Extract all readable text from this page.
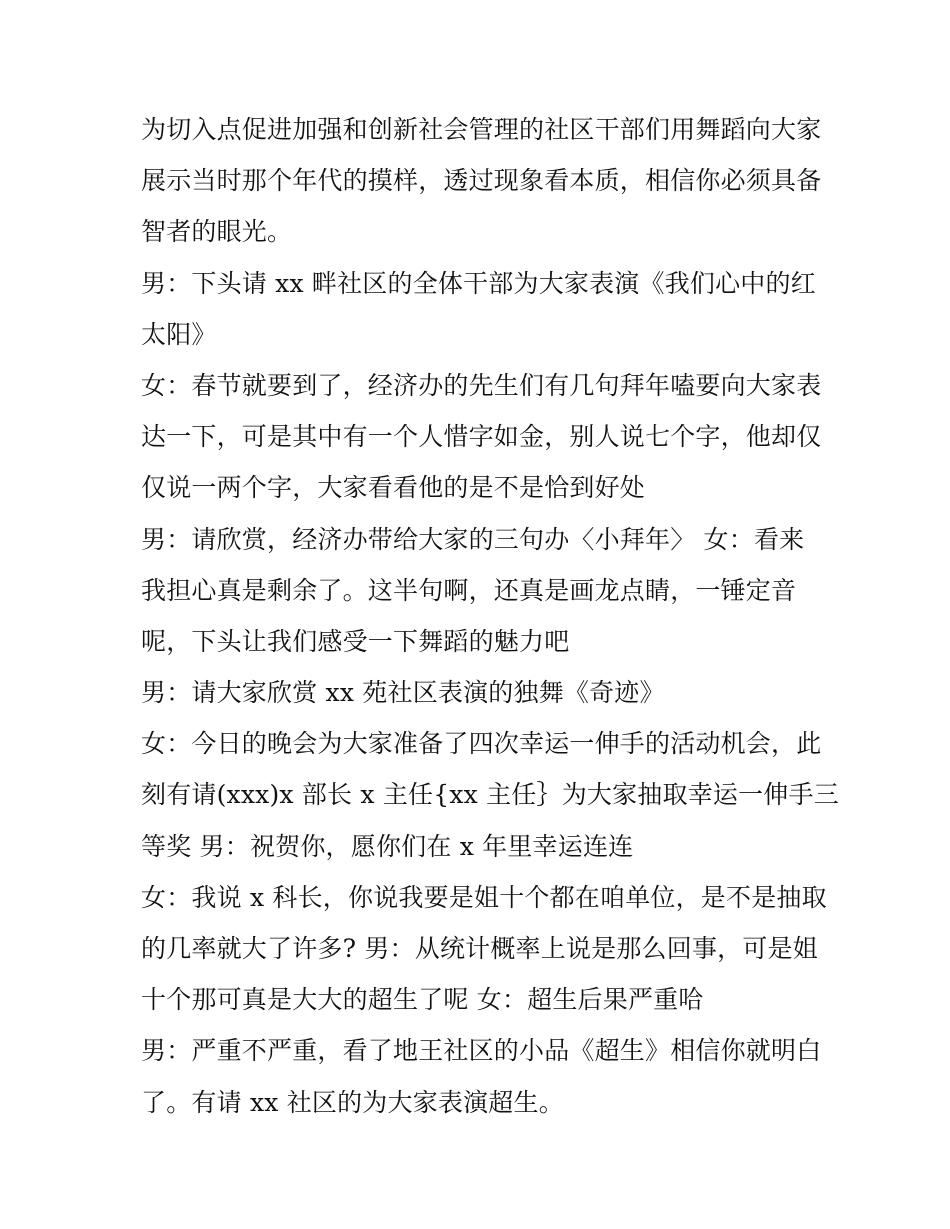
为切入点促进加强和创新社会管理的社区干部们用舞蹈向大家
展示当时那个年代的摸样，透过现象看本质，相信你必须具备
智者的眼光。
男：下头请 xx 畔社区的全体干部为大家表演《我们心中的红
太阳》
女：春节就要到了，经济办的先生们有几句拜年嗑要向大家表
达一下，可是其中有一个人惜字如金，别人说七个字，他却仅
仅说一两个字，大家看看他的是不是恰到好处
男：请欣赏，经济办带给大家的三句办〈小拜年〉 女：看来
我担心真是剩余了。这半句啊，还真是画龙点睛，一锤定音
呢，下头让我们感受一下舞蹈的魅力吧
男：请大家欣赏 xx 苑社区表演的独舞《奇迹》
女：今日的晚会为大家准备了四次幸运一伸手的活动机会，此
刻有请(xxx)x 部长 x 主任{xx 主任｝为大家抽取幸运一伸手三
等奖 男：祝贺你，愿你们在 x 年里幸运连连
女：我说 x 科长，你说我要是姐十个都在咱单位，是不是抽取
的几率就大了许多? 男：从统计概率上说是那么回事，可是姐
十个那可真是大大的超生了呢 女：超生后果严重哈
男：严重不严重，看了地王社区的小品《超生》相信你就明白
了。有请 xx 社区的为大家表演超生。
